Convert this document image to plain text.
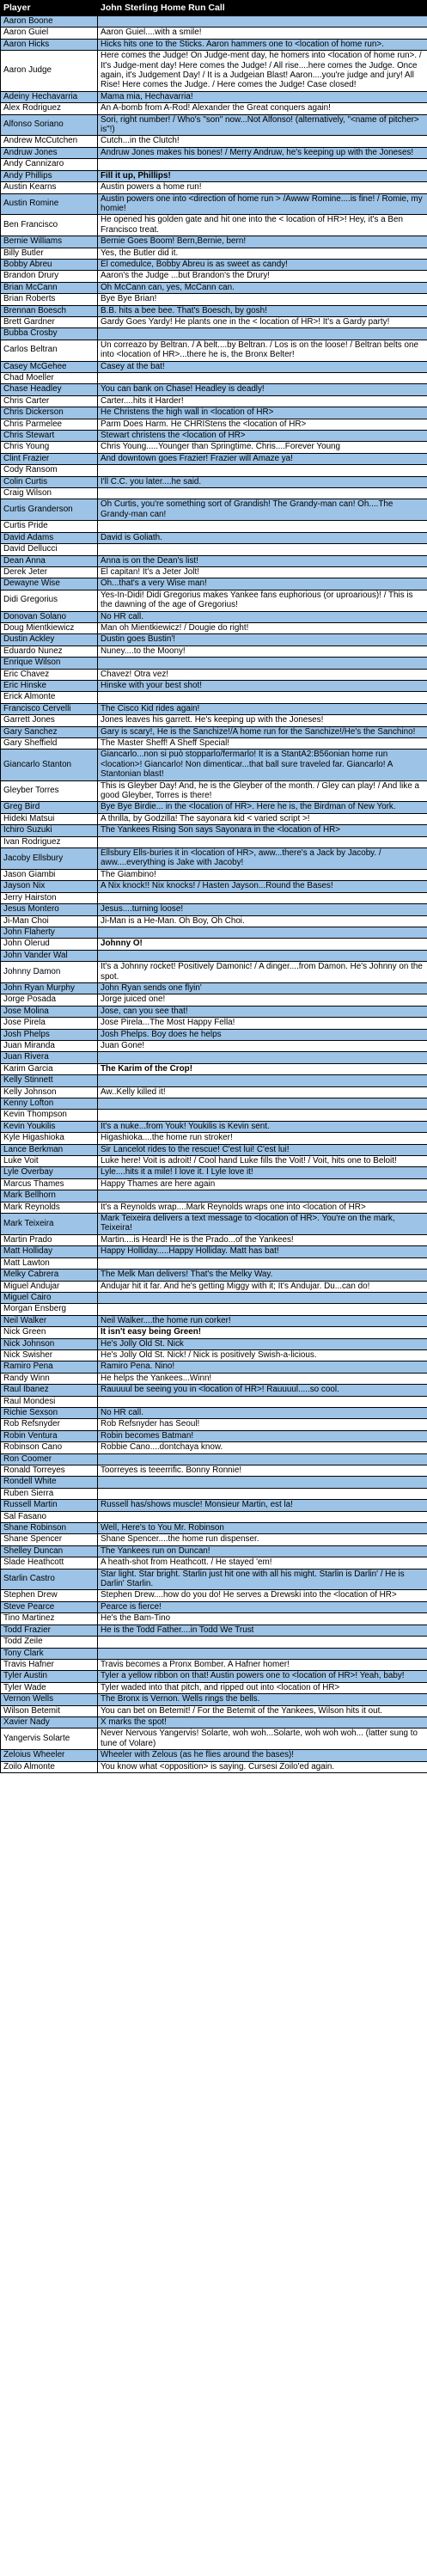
Player	John Sterling Home Run Call
Aaron Boone	
Aaron Guiel	Aaron Guiel....with a smile!
Aaron Hicks	Hicks hits one to the Sticks. Aaron hammers one to <location of home run>.
Aaron Judge	Here comes the Judge! On Judge-ment day, he homers into <location of home run>. / It's Judge-ment day! Here comes the Judge! / All rise....here comes the Judge. Once again, it's Judgement Day! / It is a Judgeian Blast! Aaron....you're judge and jury! All Rise! Here comes the Judge. / Here comes the Judge! Case closed!
Adeiny Hechavarria	Mama mia, Hechavarria!
Alex Rodriguez	An A-bomb from A-Rod! Alexander the Great conquers again!
Alfonso Soriano	Sori, right number! / Who's "son" now...Not Alfonso! (alternatively, "<name of pitcher> is"!)
Andrew McCutchen	Cutch...in the Clutch!
Andruw Jones	Andruw Jones makes his bones! / Merry Andruw, he's keeping up with the Joneses!
Andy Cannizaro	
Andy Phillips	Fill it up, Phillips!
Austin Kearns	Austin powers a home run!
Austin Romine	Austin powers one into <direction of home run > /Awww Romine....is fine! / Romie, my homie!
Ben Francisco	He opened his golden gate and hit one into the < location of HR>! Hey, it's a Ben Francisco treat.
Bernie Williams	Bernie Goes Boom! Bern,Bernie, bern!
Billy Butler	Yes, the Butler did it.
Bobby Abreu	El comedulce, Bobby Abreu is as sweet as candy!
Brandon Drury	Aaron's the Judge ...but Brandon's the Drury!
Brian McCann	Oh McCann can, yes, McCann can.
Brian Roberts	Bye Bye Brian!
Brennan Boesch	B.B. hits a bee bee. That's Boesch, by gosh!
Brett Gardner	Gardy Goes Yardy! He plants one in the < location of HR>! It's a Gardy party!
Bubba Crosby	
Carlos Beltran	Un correazo by Beltran. / A belt....by Beltran. / Los is on the loose! / Beltran belts one into <location of HR>...there he is, the Bronx Belter!
Casey McGehee	Casey at the bat!
Chad Moeller	
Chase Headley	You can bank on Chase! Headley is deadly!
Chris Carter	Carter....hits it Harder!
Chris Dickerson	He Christens the high wall in <location of HR>
Chris Parmelee	Parm Does Harm. He CHRIStens the <location of HR>
Chris Stewart	Stewart christens the <location of HR>
Chris Young	Chris Young.....Younger than Springtime. Chris....Forever Young
Clint Frazier	And downtown goes Frazier! Frazier will Amaze ya!
Cody Ransom	
Colin Curtis	I'll C.C. you later....he said.
Craig Wilson	
Curtis Granderson	Oh Curtis, you're something sort of Grandish! The Grandy-man can! Oh....The Grandy-man can!
Curtis Pride	
David Adams	David is Goliath.
David Dellucci	
Dean Anna	Anna is on the Dean's list!
Derek Jeter	El capitan! It's a Jeter Jolt!
Dewayne Wise	Oh...that's a very Wise man!
Didi Gregorius	Yes-In-Didi! Didi Gregorius makes Yankee fans euphorious (or uproarious)! / This is the dawning of the age of Gregorius!
Donovan Solano	No HR call.
Doug Mientkiewicz	Man oh Mientkiewicz! / Dougie do right!
Dustin Ackley	Dustin goes Bustin'!
Eduardo Nunez	Nuney....to the Moony!
Enrique Wilson	
Eric Chavez	Chavez! Otra vez!
Eric Hinske	Hinske with your best shot!
Erick Almonte	
Francisco Cervelli	The Cisco Kid rides again!
Garrett Jones	Jones leaves his garrett. He's keeping up with the Joneses!
Gary Sanchez	Gary is scary!, He is the Sanchize!/A home run for the Sanchize!/He's the Sanchino!
Gary Sheffield	The Master Sheff! A Sheff Special!
Giancarlo Stanton	Giancarlo...non si può stopparlo/fermarlo! It is a StantA2:B56onian home run <location>! Giancarlo! Non dimenticar...that ball sure traveled far. Giancarlo! A Stantonian blast!
Gleyber Torres	This is Gleyber Day! And, he is the Gleyber of the month. / Gley can play! / And like a good Gleyber, Torres is there!
Greg Bird	Bye Bye Birdie... in the <location of HR>. Here he is, the Birdman of New York.
Hideki Matsui	A thrilla, by Godzilla! The sayonara kid < varied script >!
Ichiro Suzuki	The Yankees Rising Son says Sayonara in the <location of HR>
Ivan Rodriguez	
Jacoby Ellsbury	Ellsbury Ells-buries it in <location of HR>, aww...there's a Jack by Jacoby. / aww....everything is Jake with Jacoby!
Jason Giambi	The Giambino!
Jayson Nix	A Nix knock!! Nix knocks! / Hasten Jayson...Round the Bases!
Jerry Hairston	
Jesus Montero	Jesus....turning loose!
Ji-Man Choi	Ji-Man is a He-Man. Oh Boy, Oh Choi.
John Flaherty	
John Olerud	Johnny O!
John Vander Wal	
Johnny Damon	It's a Johnny rocket! Positively Damonic! / A dinger....from Damon. He's Johnny on the spot.
John Ryan Murphy	John Ryan sends one flyin'
Jorge Posada	Jorge juiced one!
Jose Molina	Jose, can you see that!
Jose Pirela	Jose Pirela...The Most Happy Fella!
Josh Phelps	Josh Phelps. Boy does he helps
Juan Miranda	Juan Gone!
Juan Rivera	
Karim Garcia	The Karim of the Crop!
Kelly Stinnett	
Kelly Johnson	Aw..Kelly killed it!
Kenny Lofton	
Kevin Thompson	
Kevin Youkilis	It's a nuke...from Youk! Youkilis is Kevin sent.
Kyle Higashioka	Higashioka....the home run stroker!
Lance Berkman	Sir Lancelot rides to the rescue! C'est lui! C'est lui!
Luke Voit	Luke here! Voit is adroit! / Cool hand Luke fills the Voit! / Voit, hits one to Beloit!
Lyle Overbay	Lyle....hits it a mile! I love it. I Lyle love it!
Marcus Thames	Happy Thames are here again
Mark Bellhorn	
Mark Reynolds	It's a Reynolds wrap....Mark Reynolds wraps one into <location of HR>
Mark Teixeira	Mark Teixeira delivers a text message to <location of HR>. You're on the mark, Teixeira!
Martin Prado	Martin....is Heard! He is the Prado...of the Yankees!
Matt Holliday	Happy Holliday.....Happy Holliday. Matt has bat!
Matt Lawton	
Melky Cabrera	The Melk Man delivers! That's the Melky Way.
Miguel Andujar	Andujar hit it far. And he's getting Miggy with it; It's Andujar. Du...can do!
Miguel Cairo	
Morgan Ensberg	
Neil Walker	Neil Walker....the home run corker!
Nick Green	It isn't easy being Green!
Nick Johnson	He's Jolly Old St. Nick
Nick Swisher	He's Jolly Old St. Nick! / Nick is positively Swish-a-licious.
Ramiro Pena	Ramiro Pena. Nino!
Randy Winn	He helps the Yankees...Winn!
Raul Ibanez	Rauuuul be seeing you in <location of HR>! Rauuuul.....so cool.
Raul Mondesi	
Richie Sexson	No HR call.
Rob Refsnyder	Rob Refsnyder has Seoul!
Robin Ventura	Robin becomes Batman!
Robinson Cano	Robbie Cano....dontchaya know.
Ron Coomer	
Ronald Torreyes	Toorreyes is teeerrific. Bonny Ronnie!
Rondell White	
Ruben Sierra	
Russell Martin	Russell has/shows muscle! Monsieur Martin, est la!
Sal Fasano	
Shane Robinson	Well, Here's to You Mr. Robinson
Shane Spencer	Shane Spencer....the home run dispenser.
Shelley Duncan	The Yankees run on Duncan!
Slade Heathcott	A heath-shot from Heathcott. / He stayed 'em!
Starlin Castro	Star light. Star bright. Starlin just hit one with all his might. Starlin is Darlin' / He is Darlin' Starlin.
Stephen Drew	Stephen Drew....how do you do! He serves a Drewski into the <location of HR>
Steve Pearce	Pearce is fierce!
Tino Martinez	He's the Bam-Tino
Todd Frazier	He is the Todd Father....in Todd We Trust
Todd Zeile	
Tony Clark	
Travis Hafner	Travis becomes a Pronx Bomber. A Hafner homer!
Tyler Austin	Tyler a yellow ribbon on that! Austin powers one to <location of HR>! Yeah, baby!
Tyler Wade	Tyler waded into that pitch, and ripped out into <location of HR>
Vernon Wells	The Bronx is Vernon. Wells rings the bells.
Wilson Betemit	You can bet on Betemit! / For the Betemit of the Yankees, Wilson hits it out.
Xavier Nady	X marks the spot!
Yangervis Solarte	Never Nervous Yangervis! Solarte, woh woh...Solarte, woh woh woh... (latter sung to tune of Volare)
Zeloius Wheeler	Wheeler with Zelous (as he flies around the bases)!
Zoilo Almonte	You know what <opposition> is saying. Cursesi Zoilo'ed again.
